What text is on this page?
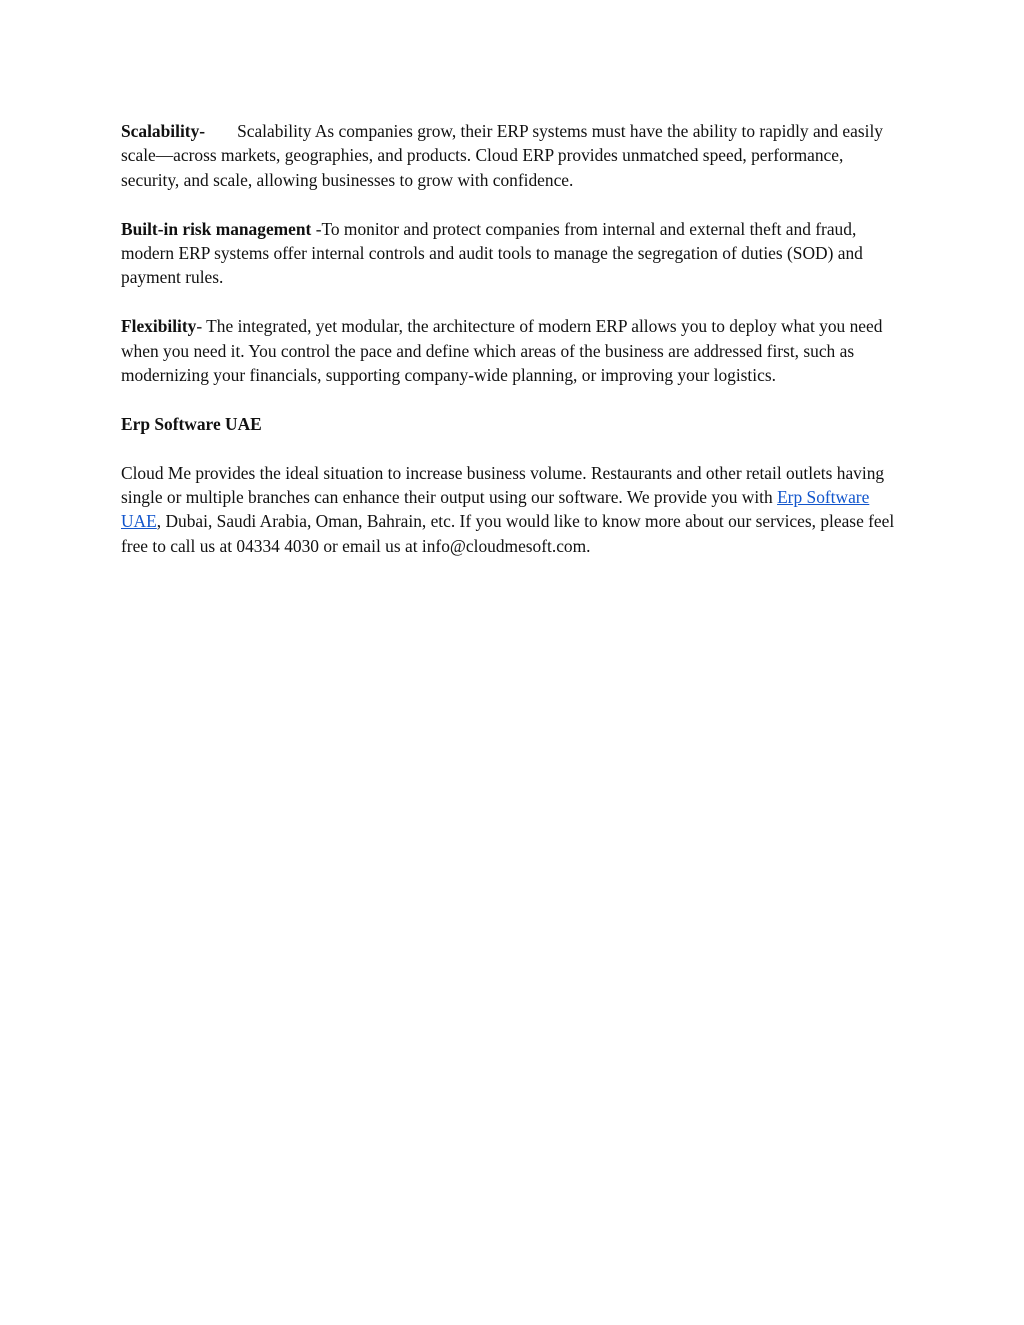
Scalability- Scalability As companies grow, their ERP systems must have the ability to rapidly and easily scale—across markets, geographies, and products. Cloud ERP provides unmatched speed, performance, security, and scale, allowing businesses to grow with confidence.

Built-in risk management -To monitor and protect companies from internal and external theft and fraud, modern ERP systems offer internal controls and audit tools to manage the segregation of duties (SOD) and payment rules.

Flexibility- The integrated, yet modular, the architecture of modern ERP allows you to deploy what you need when you need it. You control the pace and define which areas of the business are addressed first, such as modernizing your financials, supporting company-wide planning, or improving your logistics.

Erp Software UAE

Cloud Me provides the ideal situation to increase business volume. Restaurants and other retail outlets having single or multiple branches can enhance their output using our software. We provide you with Erp Software UAE, Dubai, Saudi Arabia, Oman, Bahrain, etc. If you would like to know more about our services, please feel free to call us at 04334 4030 or email us at info@cloudmesoft.com.
